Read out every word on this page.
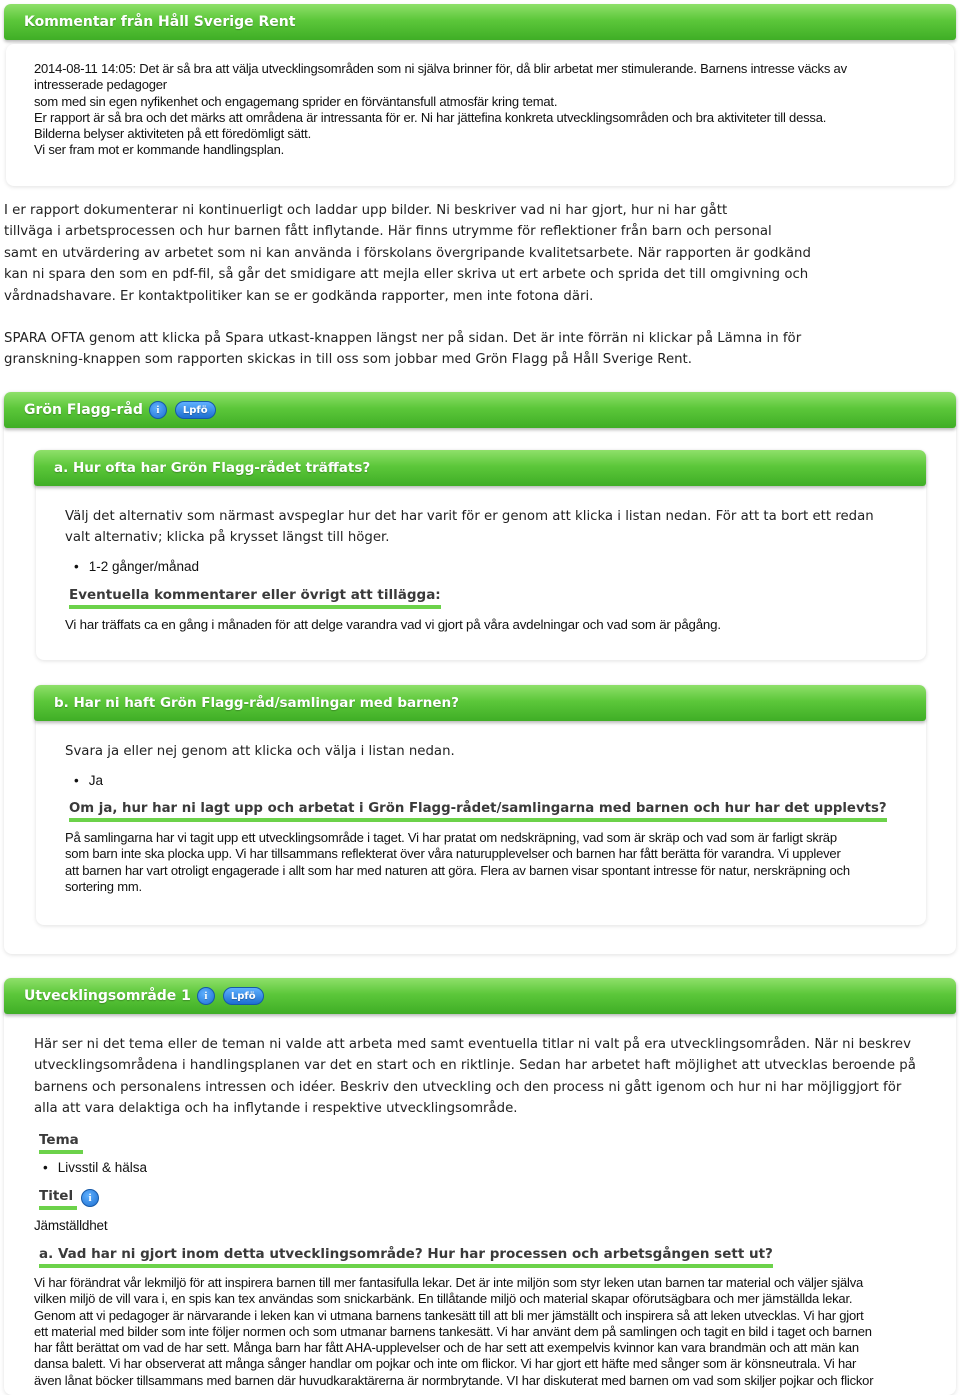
Kommentar från Håll Sverige Rent
2014-08-11 14:05: Det är så bra att välja utvecklingsområden som ni själva brinner för, då blir arbetat mer stimulerande. Barnens intresse väcks av
intresserade pedagoger
som med sin egen nyfikenhet och engagemang sprider en förväntansfull atmosfär kring temat.
Er rapport är så bra och det märks att områdena är intressanta för er. Ni har jättefina konkreta utvecklingsområden och bra aktiviteter till dessa.
Bilderna belyser aktiviteten på ett föredömligt sätt.
Vi ser fram mot er kommande handlingsplan.
I er rapport dokumenterar ni kontinuerligt och laddar upp bilder. Ni beskriver vad ni har gjort, hur ni har gått
tillväga i arbetsprocessen och hur barnen fått inflytande. Här finns utrymme för reflektioner från barn och personal
samt en utvärdering av arbetet som ni kan använda i förskolans övergripande kvalitetsarbete. När rapporten är godkänd
kan ni spara den som en pdf-fil, så går det smidigare att mejla eller skriva ut ert arbete och sprida det till omgivning och
vårdnadshavare. Er kontaktpolitiker kan se er godkända rapporter, men inte fotona däri.
SPARA OFTA genom att klicka på Spara utkast-knappen längst ner på sidan. Det är inte förrän ni klickar på Lämna in för
granskning-knappen som rapporten skickas in till oss som jobbar med Grön Flagg på Håll Sverige Rent.
Grön Flagg-råd	i	Lpfö
a. Hur ofta har Grön Flagg-rådet träffats?
Välj det alternativ som närmast avspeglar hur det har varit för er genom att klicka i listan nedan. För att ta bort ett redan
valt alternativ; klicka på krysset längst till höger.
• 1-2 gånger/månad
Eventuella kommentarer eller övrigt att tillägga:
Vi har träffats ca en gång i månaden för att delge varandra vad vi gjort på våra avdelningar och vad som är pågång.
b. Har ni haft Grön Flagg-råd/samlingar med barnen?
Svara ja eller nej genom att klicka och välja i listan nedan.
• Ja
Om ja, hur har ni lagt upp och arbetat i Grön Flagg-rådet/samlingarna med barnen och hur har det upplevts?
På samlingarna har vi tagit upp ett utvecklingsområde i taget. Vi har pratat om nedskräpning, vad som är skräp och vad som är farligt skräp
som barn inte ska plocka upp. Vi har tillsammans reflekterat över våra naturupplevelser och barnen har fått berätta för varandra. Vi upplever
att barnen har vart otroligt engagerade i allt som har med naturen att göra. Flera av barnen visar spontant intresse för natur, nerskräpning och
sortering mm.
Utvecklingsområde 1	i	Lpfö
Här ser ni det tema eller de teman ni valde att arbeta med samt eventuella titlar ni valt på era utvecklingsområden. När ni beskrev
utvecklingsområdena i handlingsplanen var det en start och en riktlinje. Sedan har arbetet haft möjlighet att utvecklas beroende på
barnens och personalens intressen och idéer. Beskriv den utveckling och den process ni gått igenom och hur ni har möjliggjort för
alla att vara delaktiga och ha inflytande i respektive utvecklingsområde.
Tema
• Livsstil & hälsa
Titel	i
Jämställdhet
a. Vad har ni gjort inom detta utvecklingsområde? Hur har processen och arbetsgången sett ut?
Vi har förändrat vår lekmiljö för att inspirera barnen till mer fantasifulla lekar. Det är inte miljön som styr leken utan barnen tar material och väljer själva
vilken miljö de vill vara i, en spis kan tex användas som snickarbänk. En tillåtande miljö och material skapar oförutsägbara och mer jämställda lekar.
Genom att vi pedagoger är närvarande i leken kan vi utmana barnens tankesätt till att bli mer jämställt och inspirera så att leken utvecklas. Vi har gjort
ett material med bilder som inte följer normen och som utmanar barnens tankesätt. Vi har använt dem på samlingen och tagit en bild i taget och barnen
har fått berättat om vad de har sett. Många barn har fått AHA-upplevelser och de har sett att exempelvis kvinnor kan vara brandmän och att män kan
dansa balett. Vi har observerat att många sånger handlar om pojkar och inte om flickor. Vi har gjort ett häfte med sånger som är könsneutrala. Vi har
även lånat böcker tillsammans med barnen där huvudkaraktärerna är normbrytande. VI har diskuterat med barnen om vad som skiljer pojkar och flickor
